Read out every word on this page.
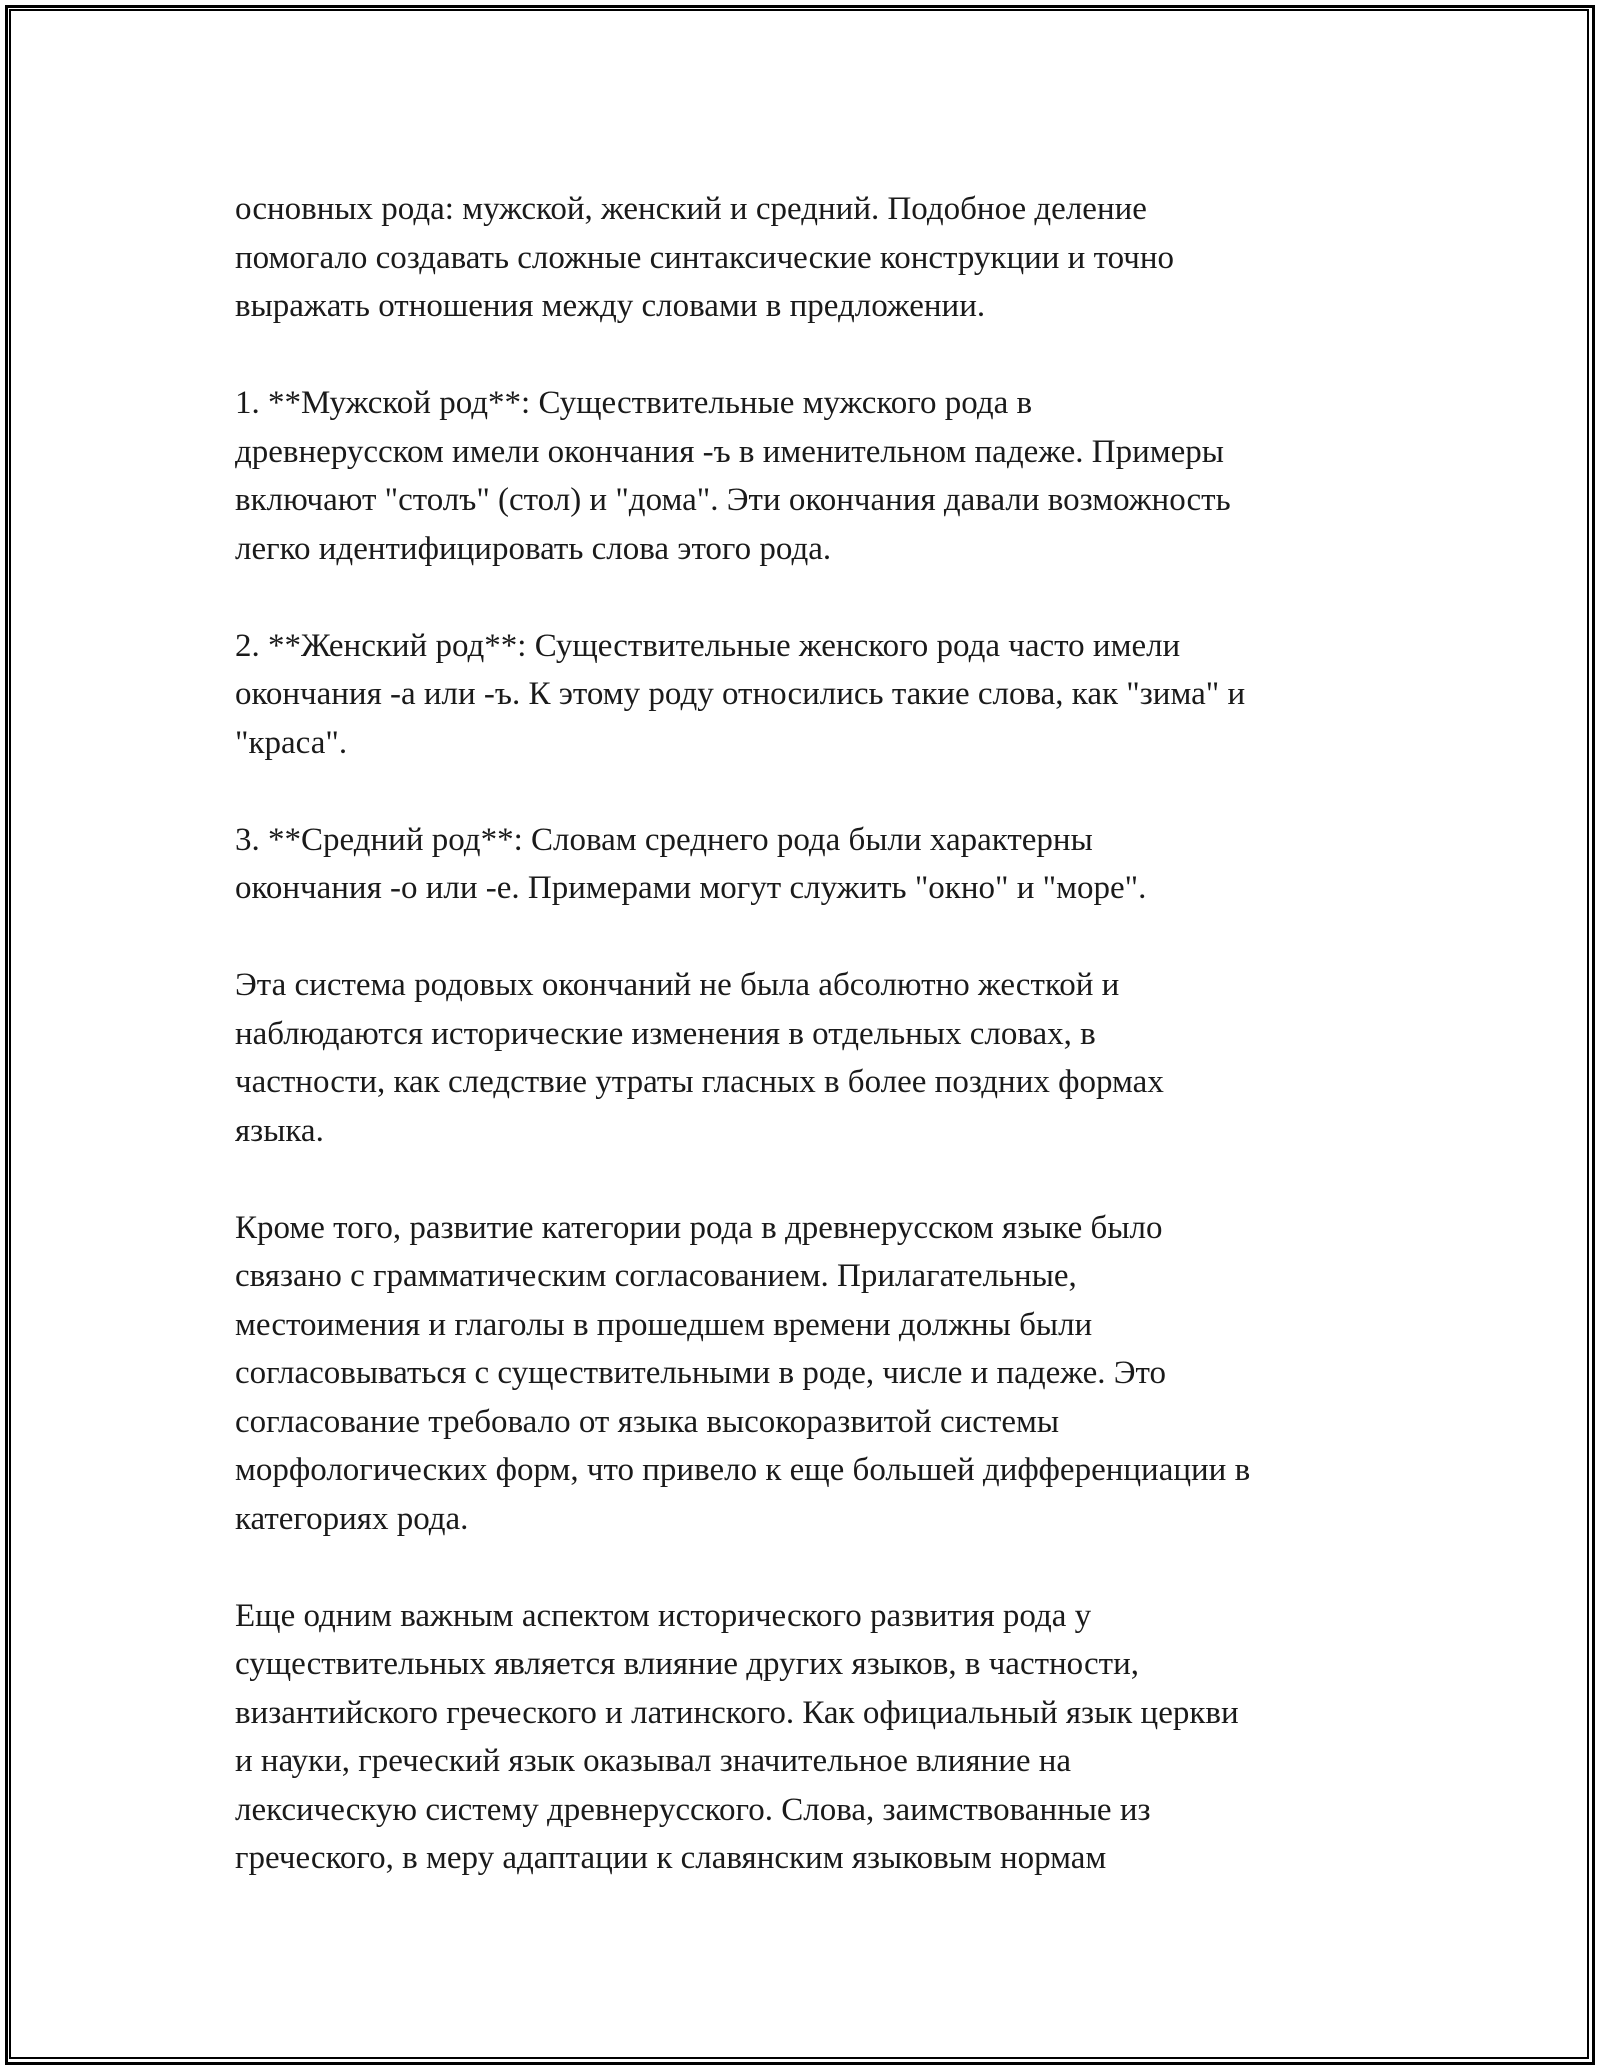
основных рода: мужской, женский и средний. Подобное деление
помогало создавать сложные синтаксические конструкции и точно
выражать отношения между словами в предложении.

1. **Мужской род**: Существительные мужского рода в
древнерусском имели окончания -ъ в именительном падеже. Примеры
включают "столъ" (стол) и "дома". Эти окончания давали возможность
легко идентифицировать слова этого рода.

2. **Женский род**: Существительные женского рода часто имели
окончания -а или -ъ. К этому роду относились такие слова, как "зима" и
"краса".

3. **Средний род**: Словам среднего рода были характерны
окончания -о или -е. Примерами могут служить "окно" и "море".

Эта система родовых окончаний не была абсолютно жесткой и
наблюдаются исторические изменения в отдельных словах, в
частности, как следствие утраты гласных в более поздних формах
языка.

Кроме того, развитие категории рода в древнерусском языке было
связано с грамматическим согласованием. Прилагательные,
местоимения и глаголы в прошедшем времени должны были
согласовываться с существительными в роде, числе и падеже. Это
согласование требовало от языка высокоразвитой системы
морфологических форм, что привело к еще большей дифференциации в
категориях рода.

Еще одним важным аспектом исторического развития рода у
существительных является влияние других языков, в частности,
византийского греческого и латинского. Как официальный язык церкви
и науки, греческий язык оказывал значительное влияние на
лексическую систему древнерусского. Слова, заимствованные из
греческого, в меру адаптации к славянским языковым нормам
